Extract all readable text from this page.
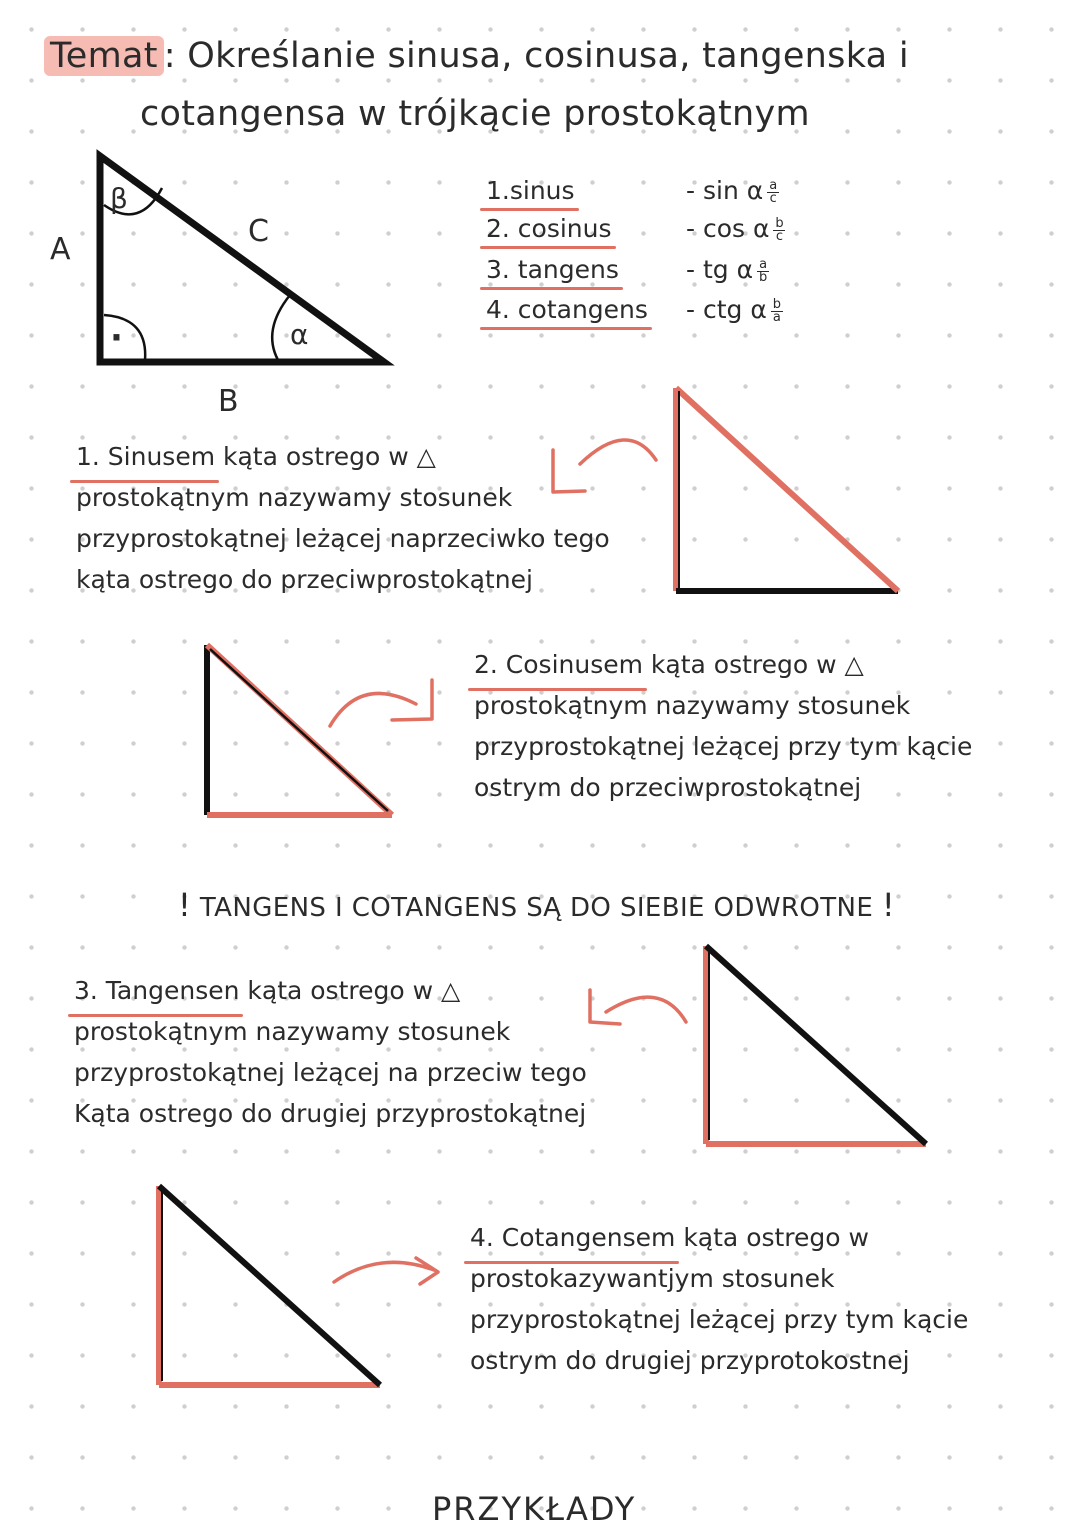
Temat : Określanie sinusa, cosinusa, tangenska i
cotangensa w trójkącie prostokątnym
A
B
C
β
α
·
1.sinus
2. cosinus
3. tangens
4. cotangens
- sin α $\frac{a}{c}$
- cos α $\frac{b}{c}$
- tg α $\frac{a}{b}$
- ctg α $\frac{b}{a}$

1. Sinusem kąta ostrego w △

prostokątnym nazywamy stosunek

przyprostokątnej leżącej naprzeciwko tego

kąta ostrego do przeciwprostokątnej

2. Cosinusem kąta ostrego w △

prostokątnym nazywamy stosunek

przyprostokątnej leżącej przy tym kącie

ostrym do przeciwprostokątnej

! TANGENS I COTANGENS SĄ DO SIEBIE ODWROTNE !

3. Tangensen kąta ostrego w △

prostokątnym nazywamy stosunek

przyprostokątnej leżącej na przeciw tego

Kąta ostrego do drugiej przyprostokątnej

4. Cotangensem kąta ostrego w

prostokazywantjym stosunek

przyprostokątnej leżącej przy tym kącie

ostrym do drugiej przyprotokostnej

PRZYKŁADY
